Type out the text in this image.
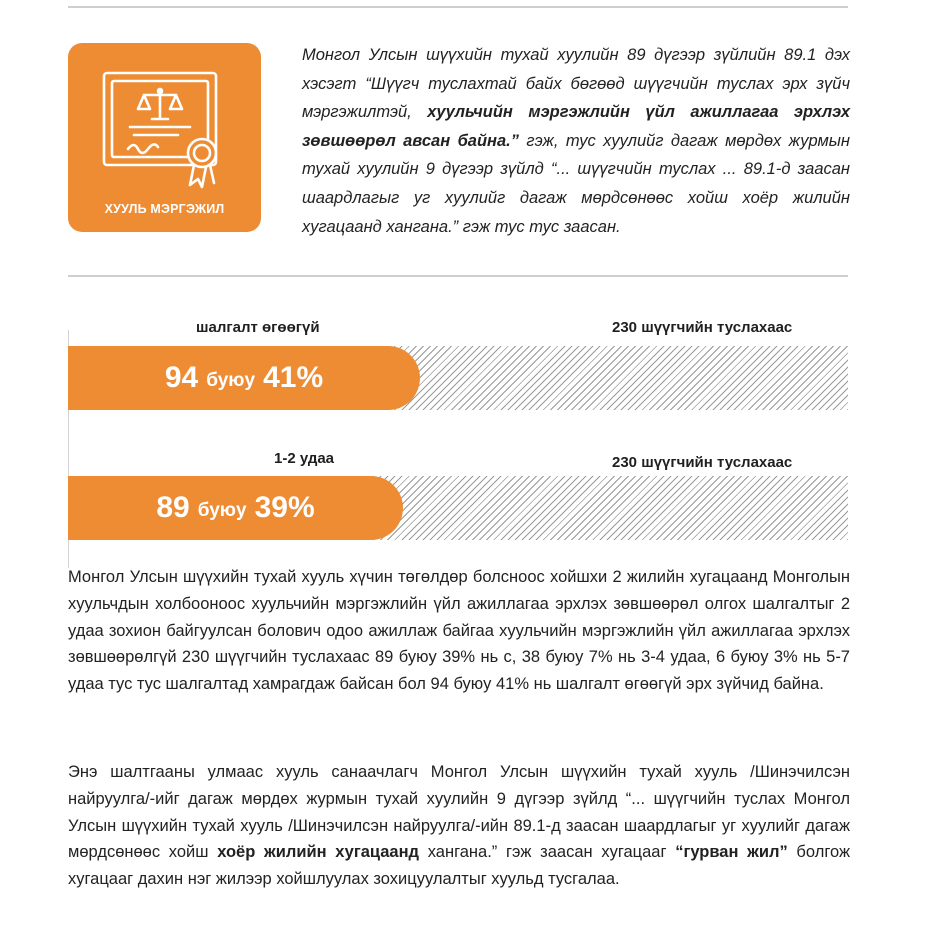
ХУУЛЬ МЭРГЭЖИЛ
Монгол Улсын шүүхийн тухай хуулийн 89 дүгээр зүйлийн 89.1 дэх хэсэгт “Шүүгч туслахтай байх бөгөөд шүүгчийн туслах эрх зүйч мэргэжилтэй, хуульчийн мэргэжлийн үйл ажиллагаа эрхлэх зөвшөөрөл авсан байна.” гэж, тус хуулийг дагаж мөрдөх журмын тухай хуулийн 9 дүгээр зүйлд “... шүүгчийн туслах ... 89.1-д заасан шаардлагыг уг хуулийг дагаж мөрдсөнөөс хойш хоёр жилийн хугацаанд хангана.” гэж тус тус заасан.
шалгалт өгөөгүй	230 шүүгчийн туслахаас
94 буюу 41%
1-2 удаа	230 шүүгчийн туслахаас
89 буюу 39%
Монгол Улсын шүүхийн тухай хууль хүчин төгөлдөр болсноос хойшхи 2 жилийн хугацаанд Монголын хуульчдын холбооноос хуульчийн мэргэжлийн үйл ажиллагаа эрхлэх зөвшөөрөл олгох шалгалтыг 2 удаа зохион байгуулсан болович одоо ажиллаж байгаа хуульчийн мэргэжлийн үйл ажиллагаа эрхлэх зөвшөөрөлгүй 230 шүүгчийн туслахаас 89 буюу 39% нь с, 38 буюу 7% нь 3-4 удаа, 6 буюу 3% нь 5-7 удаа тус тус шалгалтад хамрагдаж байсан бол 94 буюу 41% нь шалгалт өгөөгүй эрх зүйчид байна.
Энэ шалтгааны улмаас хууль санаачлагч Монгол Улсын шүүхийн тухай хууль /Шинэчилсэн найруулга/-ийг дагаж мөрдөх журмын тухай хуулийн 9 дүгээр зүйлд “... шүүгчийн туслах Монгол Улсын шүүхийн тухай хууль /Шинэчилсэн найруулга/-ийн 89.1-д заасан шаардлагыг уг хуулийг дагаж мөрдсөнөөс хойш хоёр жилийн хугацаанд хангана.” гэж заасан хугацааг “гурван жил” болгож хугацааг дахин нэг жилээр хойшлуулах зохицуулалтыг хуульд тусгалаа.
МОНГОЛ УЛСЫН ИХ ХУРАЛ
